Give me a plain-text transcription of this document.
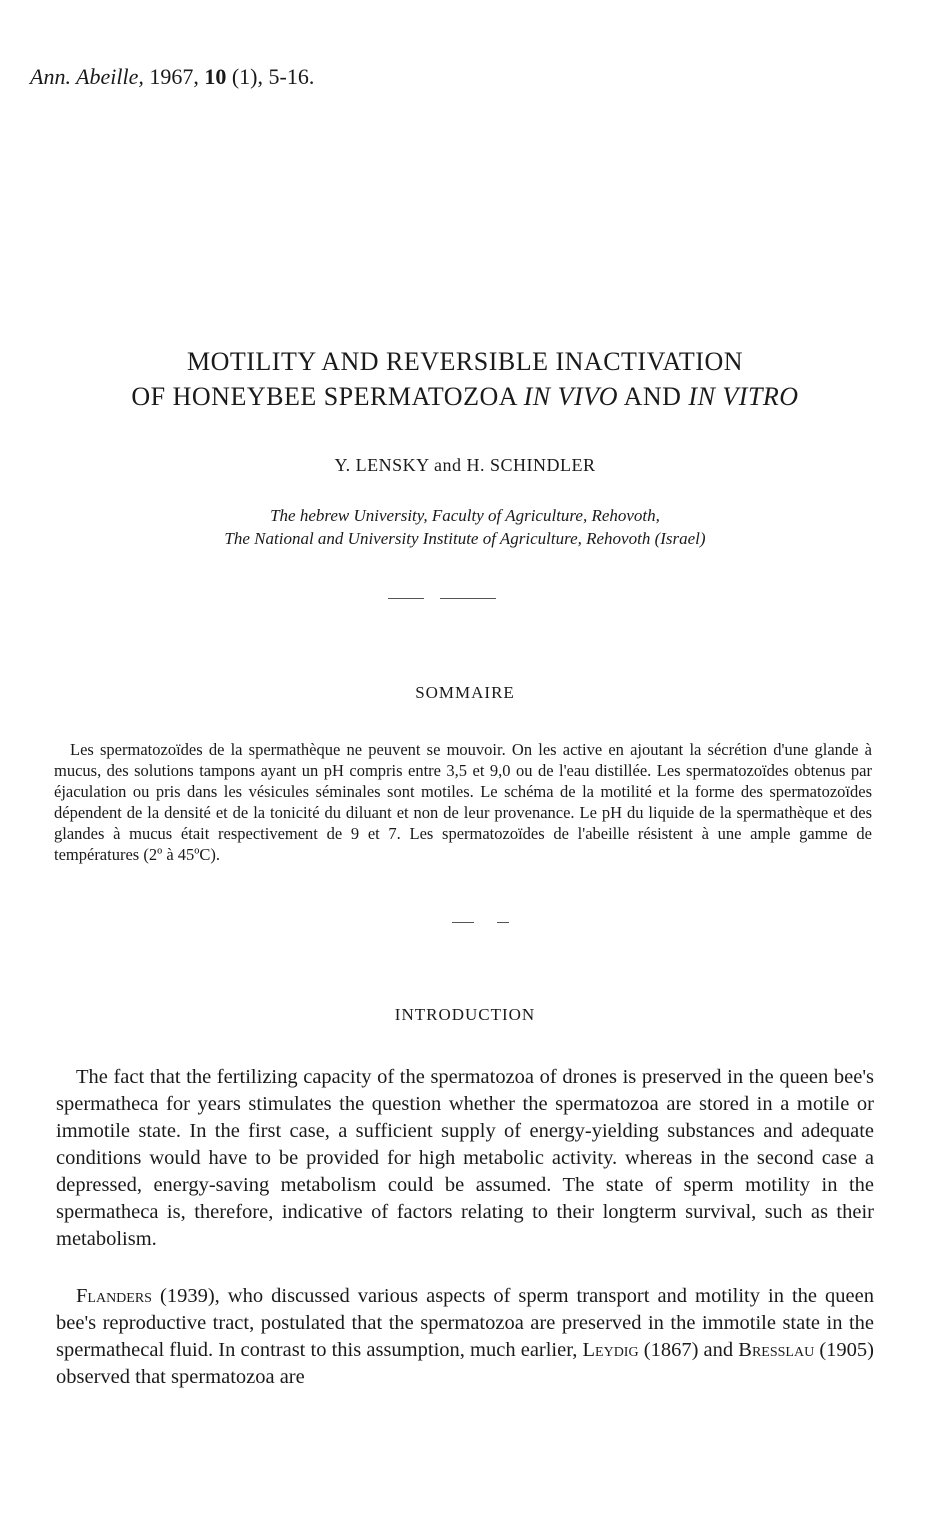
Ann. Abeille, 1967, 10 (1), 5-16.
MOTILITY AND REVERSIBLE INACTIVATION
OF HONEYBEE SPERMATOZOA IN VIVO AND IN VITRO
Y. LENSKY and H. SCHINDLER
The hebrew University, Faculty of Agriculture, Rehovoth,
The National and University Institute of Agriculture, Rehovoth (Israel)
SOMMAIRE

Les spermatozoïdes de la spermathèque ne peuvent se mouvoir. On les active en ajoutant la sécrétion d'une glande à mucus, des solutions tampons ayant un pH compris entre 3,5 et 9,0 ou de l'eau distillée. Les spermatozoïdes obtenus par éjaculation ou pris dans les vésicules séminales sont motiles. Le schéma de la motilité et la forme des spermatozoïdes dépendent de la densité et de la tonicité du diluant et non de leur provenance. Le pH du liquide de la spermathèque et des glandes à mucus était respectivement de 9 et 7. Les spermatozoïdes de l'abeille résistent à une ample gamme de températures (2º à 45ºC).

INTRODUCTION

The fact that the fertilizing capacity of the spermatozoa of drones is preserved in the queen bee's spermatheca for years stimulates the question whether the spermatozoa are stored in a motile or immotile state. In the first case, a sufficient supply of energy-yielding substances and adequate conditions would have to be provided for high metabolic activity. whereas in the second case a depressed, energy-saving metabolism could be assumed. The state of sperm motility in the spermatheca is, therefore, indicative of factors relating to their longterm survival, such as their metabolism.

Flanders (1939), who discussed various aspects of sperm transport and motility in the queen bee's reproductive tract, postulated that the spermatozoa are preserved in the immotile state in the spermathecal fluid. In contrast to this assumption, much earlier, Leydig (1867) and Bresslau (1905) observed that spermatozoa are
